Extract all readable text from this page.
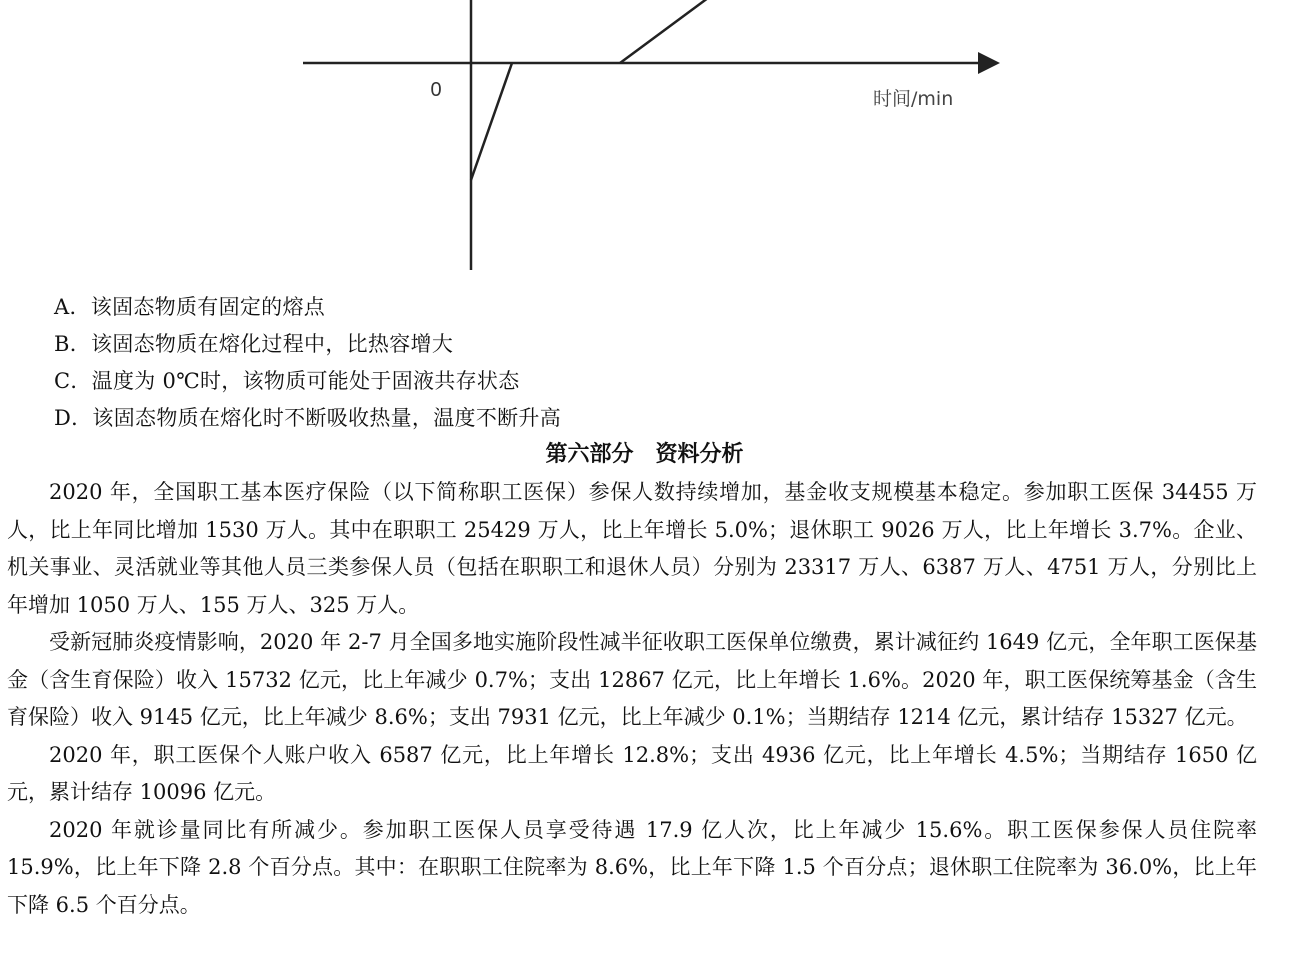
0	时间/min
A．该固态物质有固定的熔点
B．该固态物质在熔化过程中，比热容增大
C．温度为 0℃时，该物质可能处于固液共存状态
D．该固态物质在熔化时不断吸收热量，温度不断升高
第六部分　资料分析

2020 年，全国职工基本医疗保险（以下简称职工医保）参保人数持续增加，基金收支规模基本稳定。参加职工医保 34455 万人，比上年同比增加 1530 万人。其中在职职工 25429 万人，比上年增长 5.0%；退休职工 9026 万人，比上年增长 3.7%。企业、机关事业、灵活就业等其他人员三类参保人员（包括在职职工和退休人员）分别为 23317 万人、6387 万人、4751 万人，分别比上年增加 1050 万人、155 万人、325 万人。

受新冠肺炎疫情影响，2020 年 2-7 月全国多地实施阶段性减半征收职工医保单位缴费，累计减征约 1649 亿元，全年职工医保基金（含生育保险）收入 15732 亿元，比上年减少 0.7%；支出 12867 亿元，比上年增长 1.6%。2020 年，职工医保统筹基金（含生育保险）收入 9145 亿元，比上年减少 8.6%；支出 7931 亿元，比上年减少 0.1%；当期结存 1214 亿元，累计结存 15327 亿元。

2020 年，职工医保个人账户收入 6587 亿元，比上年增长 12.8%；支出 4936 亿元，比上年增长 4.5%；当期结存 1650 亿元，累计结存 10096 亿元。

2020 年就诊量同比有所减少。参加职工医保人员享受待遇 17.9 亿人次，比上年减少 15.6%。职工医保参保人员住院率 15.9%，比上年下降 2.8 个百分点。其中：在职职工住院率为 8.6%，比上年下降 1.5 个百分点；退休职工住院率为 36.0%，比上年下降 6.5 个百分点。
